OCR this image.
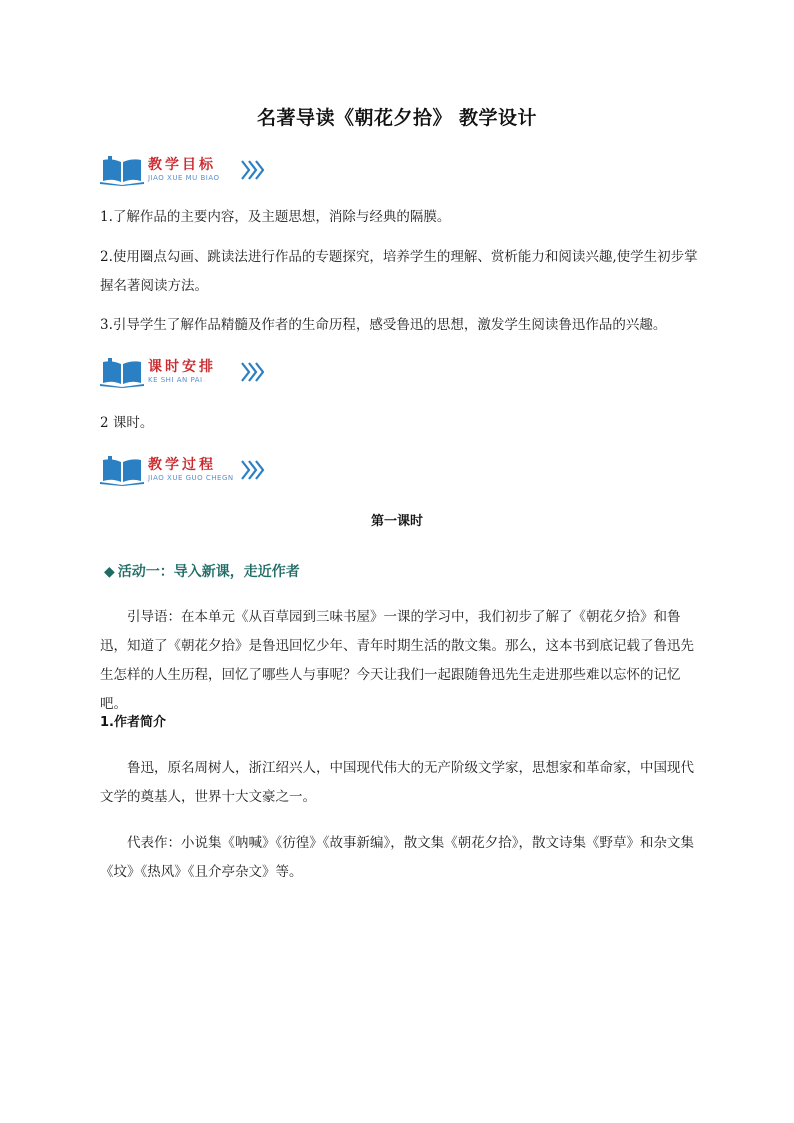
名著导读《朝花夕拾》 教学设计
教学目标
JIAO XUE MU BIAO
1.了解作品的主要内容，及主题思想，消除与经典的隔膜。
2.使用圈点勾画、跳读法进行作品的专题探究，培养学生的理解、赏析能力和阅读兴趣,使学生初步掌握名著阅读方法。
3.引导学生了解作品精髓及作者的生命历程，感受鲁迅的思想，激发学生阅读鲁迅作品的兴趣。
课时安排
KE SHI AN PAI
2 课时。
教学过程
JIAO XUE GUO CHEGN
第一课时
◆ 活动一：导入新课，走近作者
引导语：在本单元《从百草园到三味书屋》一课的学习中，我们初步了解了《朝花夕拾》和鲁迅，知道了《朝花夕拾》是鲁迅回忆少年、青年时期生活的散文集。那么，这本书到底记载了鲁迅先生怎样的人生历程，回忆了哪些人与事呢？今天让我们一起跟随鲁迅先生走进那些难以忘怀的记忆吧。
1.作者简介
鲁迅，原名周树人，浙江绍兴人，中国现代伟大的无产阶级文学家，思想家和革命家，中国现代文学的奠基人，世界十大文豪之一。
代表作：小说集《呐喊》《彷徨》《故事新编》，散文集《朝花夕拾》，散文诗集《野草》和杂文集《坟》《热风》《且介亭杂文》等。
